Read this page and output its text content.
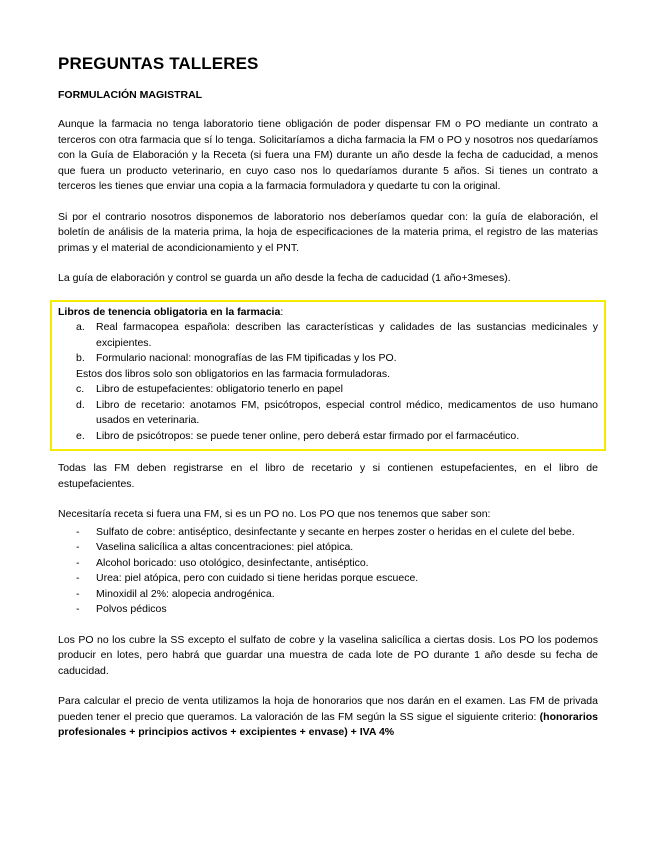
PREGUNTAS TALLERES
FORMULACIÓN MAGISTRAL

Aunque la farmacia no tenga laboratorio tiene obligación de poder dispensar FM o PO mediante un contrato a terceros con otra farmacia que sí lo tenga. Solicitaríamos a dicha farmacia la FM o PO y nosotros nos quedaríamos con la Guía de Elaboración y la Receta (si fuera una FM) durante un año desde la fecha de caducidad, a menos que fuera un producto veterinario, en cuyo caso nos lo quedaríamos durante 5 años. Si tienes un contrato a terceros les tienes que enviar una copia a la farmacia formuladora y quedarte tu con la original.

Si por el contrario nosotros disponemos de laboratorio nos deberíamos quedar con: la guía de elaboración, el boletín de análisis de la materia prima, la hoja de especificaciones de la materia prima, el registro de las materias primas y el material de acondicionamiento y el PNT.

La guía de elaboración y control se guarda un año desde la fecha de caducidad (1 año+3meses).

Libros de tenencia obligatoria en la farmacia:
a.	Real farmacopea española: describen las características y calidades de las sustancias medicinales y excipientes.
b.	Formulario nacional: monografías de las FM tipificadas y los PO.
Estos dos libros solo son obligatorios en las farmacia formuladoras.
c.	Libro de estupefacientes: obligatorio tenerlo en papel
d.	Libro de recetario: anotamos FM, psicótropos, especial control médico, medicamentos de uso humano usados en veterinaria.
e.	Libro de psicótropos: se puede tener online, pero deberá estar firmado por el farmacéutico.

Todas las FM deben registrarse en el libro de recetario y si contienen estupefacientes, en el libro de estupefacientes.

Necesitaría receta si fuera una FM, si es un PO no. Los PO que nos tenemos que saber son:

-	Sulfato de cobre: antiséptico, desinfectante y secante en herpes zoster o heridas en el culete del bebe.
-	Vaselina salicílica a altas concentraciones: piel atópica.
-	Alcohol boricado: uso otológico, desinfectante, antiséptico.
-	Urea: piel atópica, pero con cuidado si tiene heridas porque escuece.
-	Minoxidil al 2%: alopecia androgénica.
-	Polvos pédicos

Los PO no los cubre la SS excepto el sulfato de cobre y la vaselina salicílica a ciertas dosis. Los PO los podemos producir en lotes, pero habrá que guardar una muestra de cada lote de PO durante 1 año desde su fecha de caducidad.

Para calcular el precio de venta utilizamos la hoja de honorarios que nos darán en el examen. Las FM de privada pueden tener el precio que queramos. La valoración de las FM según la SS sigue el siguiente criterio: (honorarios profesionales + principios activos + excipientes + envase) + IVA 4%
